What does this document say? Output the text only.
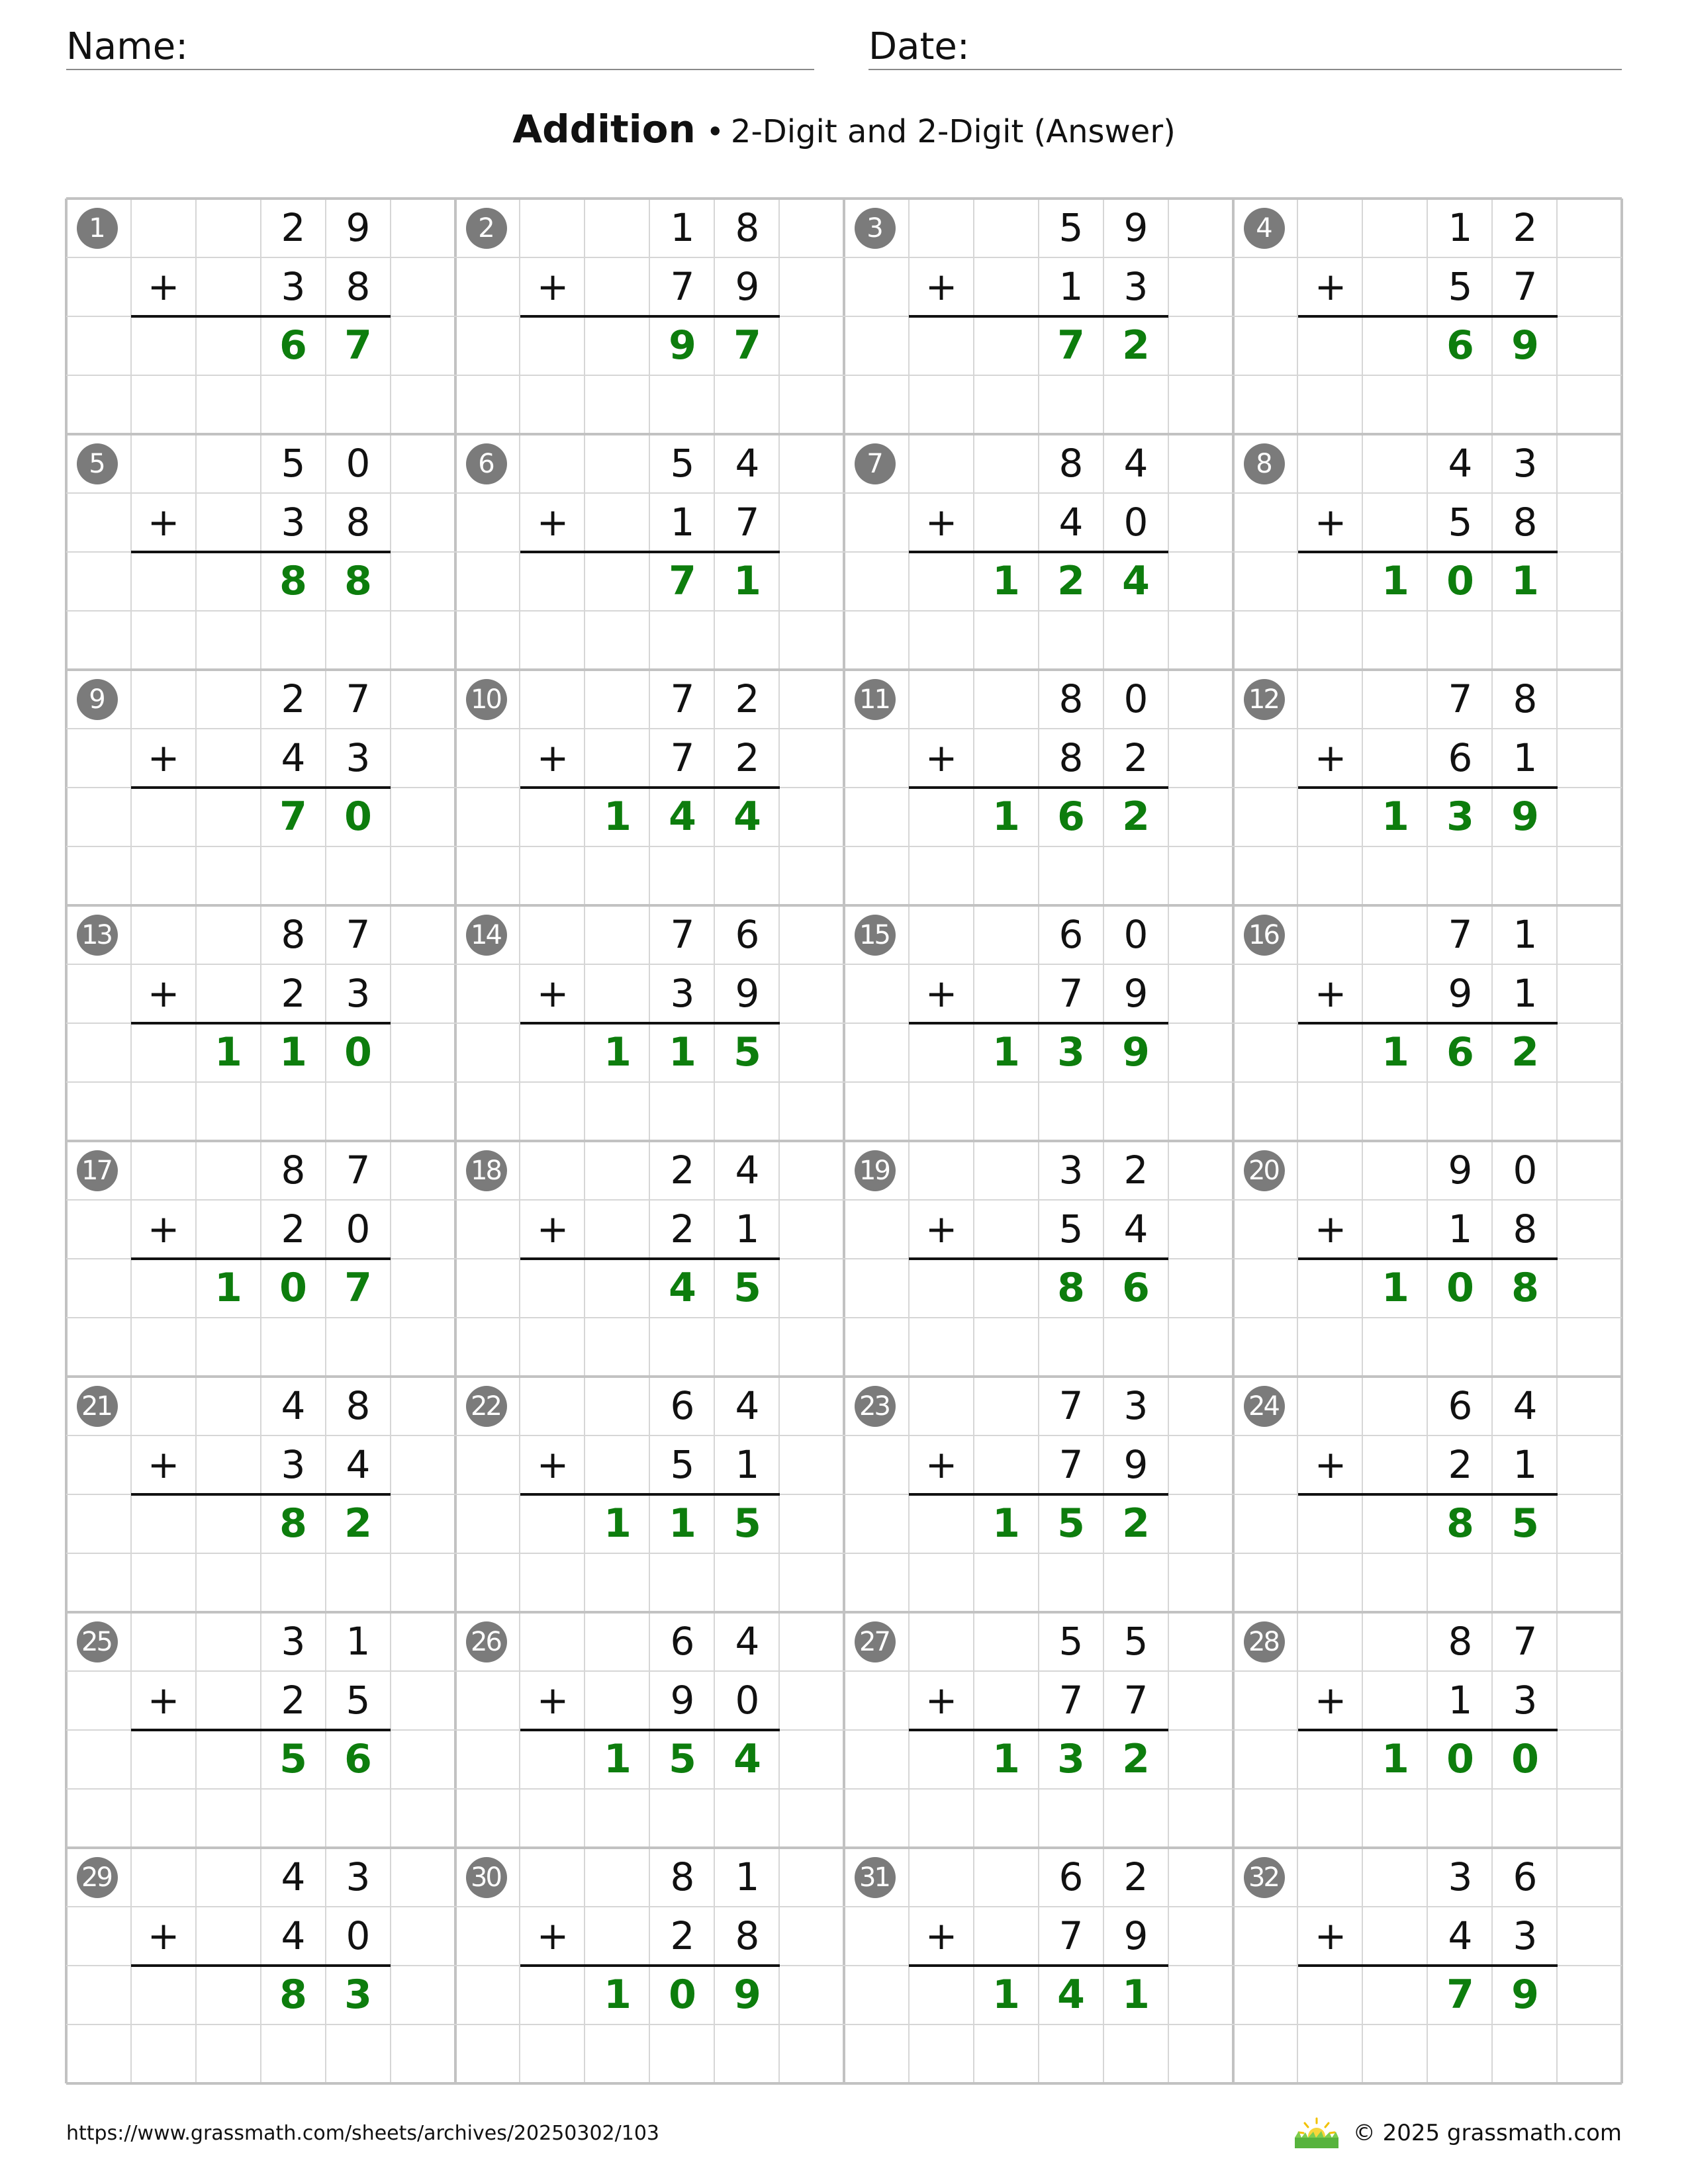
Name:	Date:
Addition • 2-Digit and 2-Digit (Answer)
1
+
2	9
3	8
6 7
2
+
1	8
7	9
9 7
3
+
5	9
1	3
7 2
4
+
1	2
5	7
6 9
5
+
5	0
3	8
8 8
6
+
5	4
1	7
7 1
7
+
8	4
4	0
1 2 4
8
+
4	3
5	8
1 0 1
9
+
2	7
4	3
7 0
10
+
7	2
7	2
1 4 4
11
+
8	0
8	2
1 6 2
12
+
7	8
6	1
1 3 9
13
+
8	7
2	3
1 1 0
14
+
7	6
3	9
1 1 5
15
+
6	0
7	9
1 3 9
16
+
7	1
9	1
1 6 2
17
+
8	7
2	0
1 0 7
18
+
2	4
2	1
4 5
19
+
3	2
5	4
8 6
20
+
9	0
1	8
1 0 8
21
+
4	8
3	4
8 2
22
+
6	4
5	1
1 1 5
23
+
7	3
7	9
1 5 2
24
+
6	4
2	1
8 5
25
+
3	1
2	5
5 6
26
+
6	4
9	0
1 5 4
27
+
5	5
7	7
1 3 2
28
+
8	7
1	3
1 0 0
29
+
4	3
4	0
8 3
30
+
8	1
2	8
1 0 9
31
+
6	2
7	9
1 4 1
32
+
3	6
4	3
7 9
https://www.grassmath.com/sheets/archives/20250302/103	© 2025 grassmath.com
